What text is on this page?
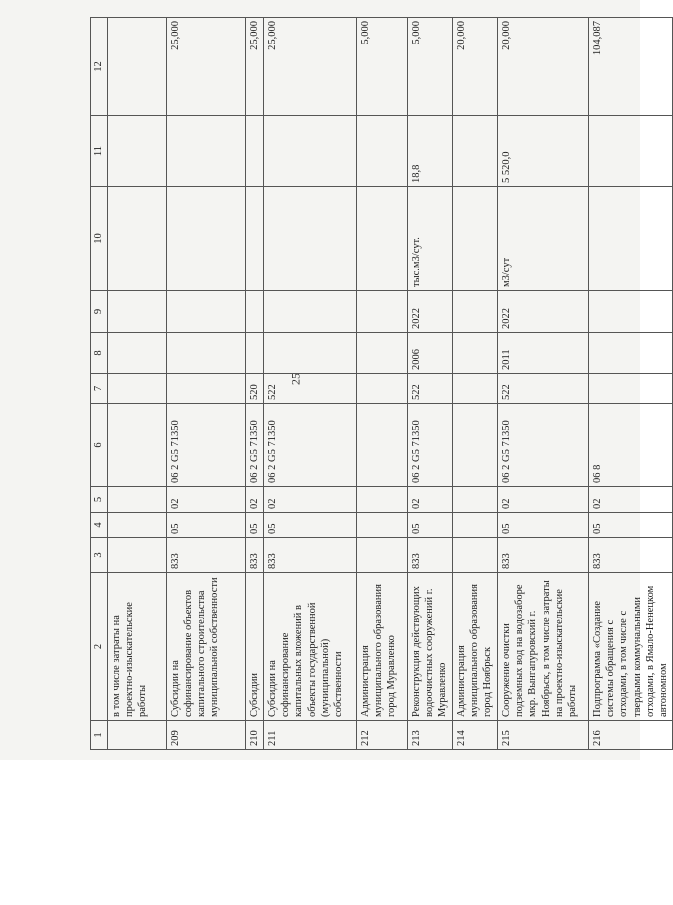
25
1	2	3	4	5	6	7	8	9	10	11	12
	в том числе затраты на проектно-изыскательские работы										
209	Субсидии на софинансирование объектов капитального строительства муниципальной собственности	833	05	02	06 2 G5 71350						25,000
210	Субсидии	833	05	02	06 2 G5 71350	520					25,000
211	Субсидии на софинансирование капитальных вложений в объекты государственной (муниципальной) собственности	833	05	02	06 2 G5 71350	522					25,000
212	Администрация муниципального образования город Муравленко										5,000
213	Реконструкция действующих водоочистных сооружений г. Муравленко	833	05	02	06 2 G5 71350	522	2006	2022	тыс.м3/сут.	18,8	5,000
214	Администрация муниципального образования город Ноябрьск										20,000
215	Сооружение очистки подземных вод на водозаборе мкр. Вынгапуровский г. Ноябрьск, в том числе затраты на проектно-изыскательские работы	833	05	02	06 2 G5 71350	522	2011	2022	м3/сут	5 520,0	20,000
216	Подпрограмма «Создание системы обращения с отходами, в том числе с твердыми коммунальными отходами, в Ямало-Ненецком автономном	833	05	02	06 8						104,087
